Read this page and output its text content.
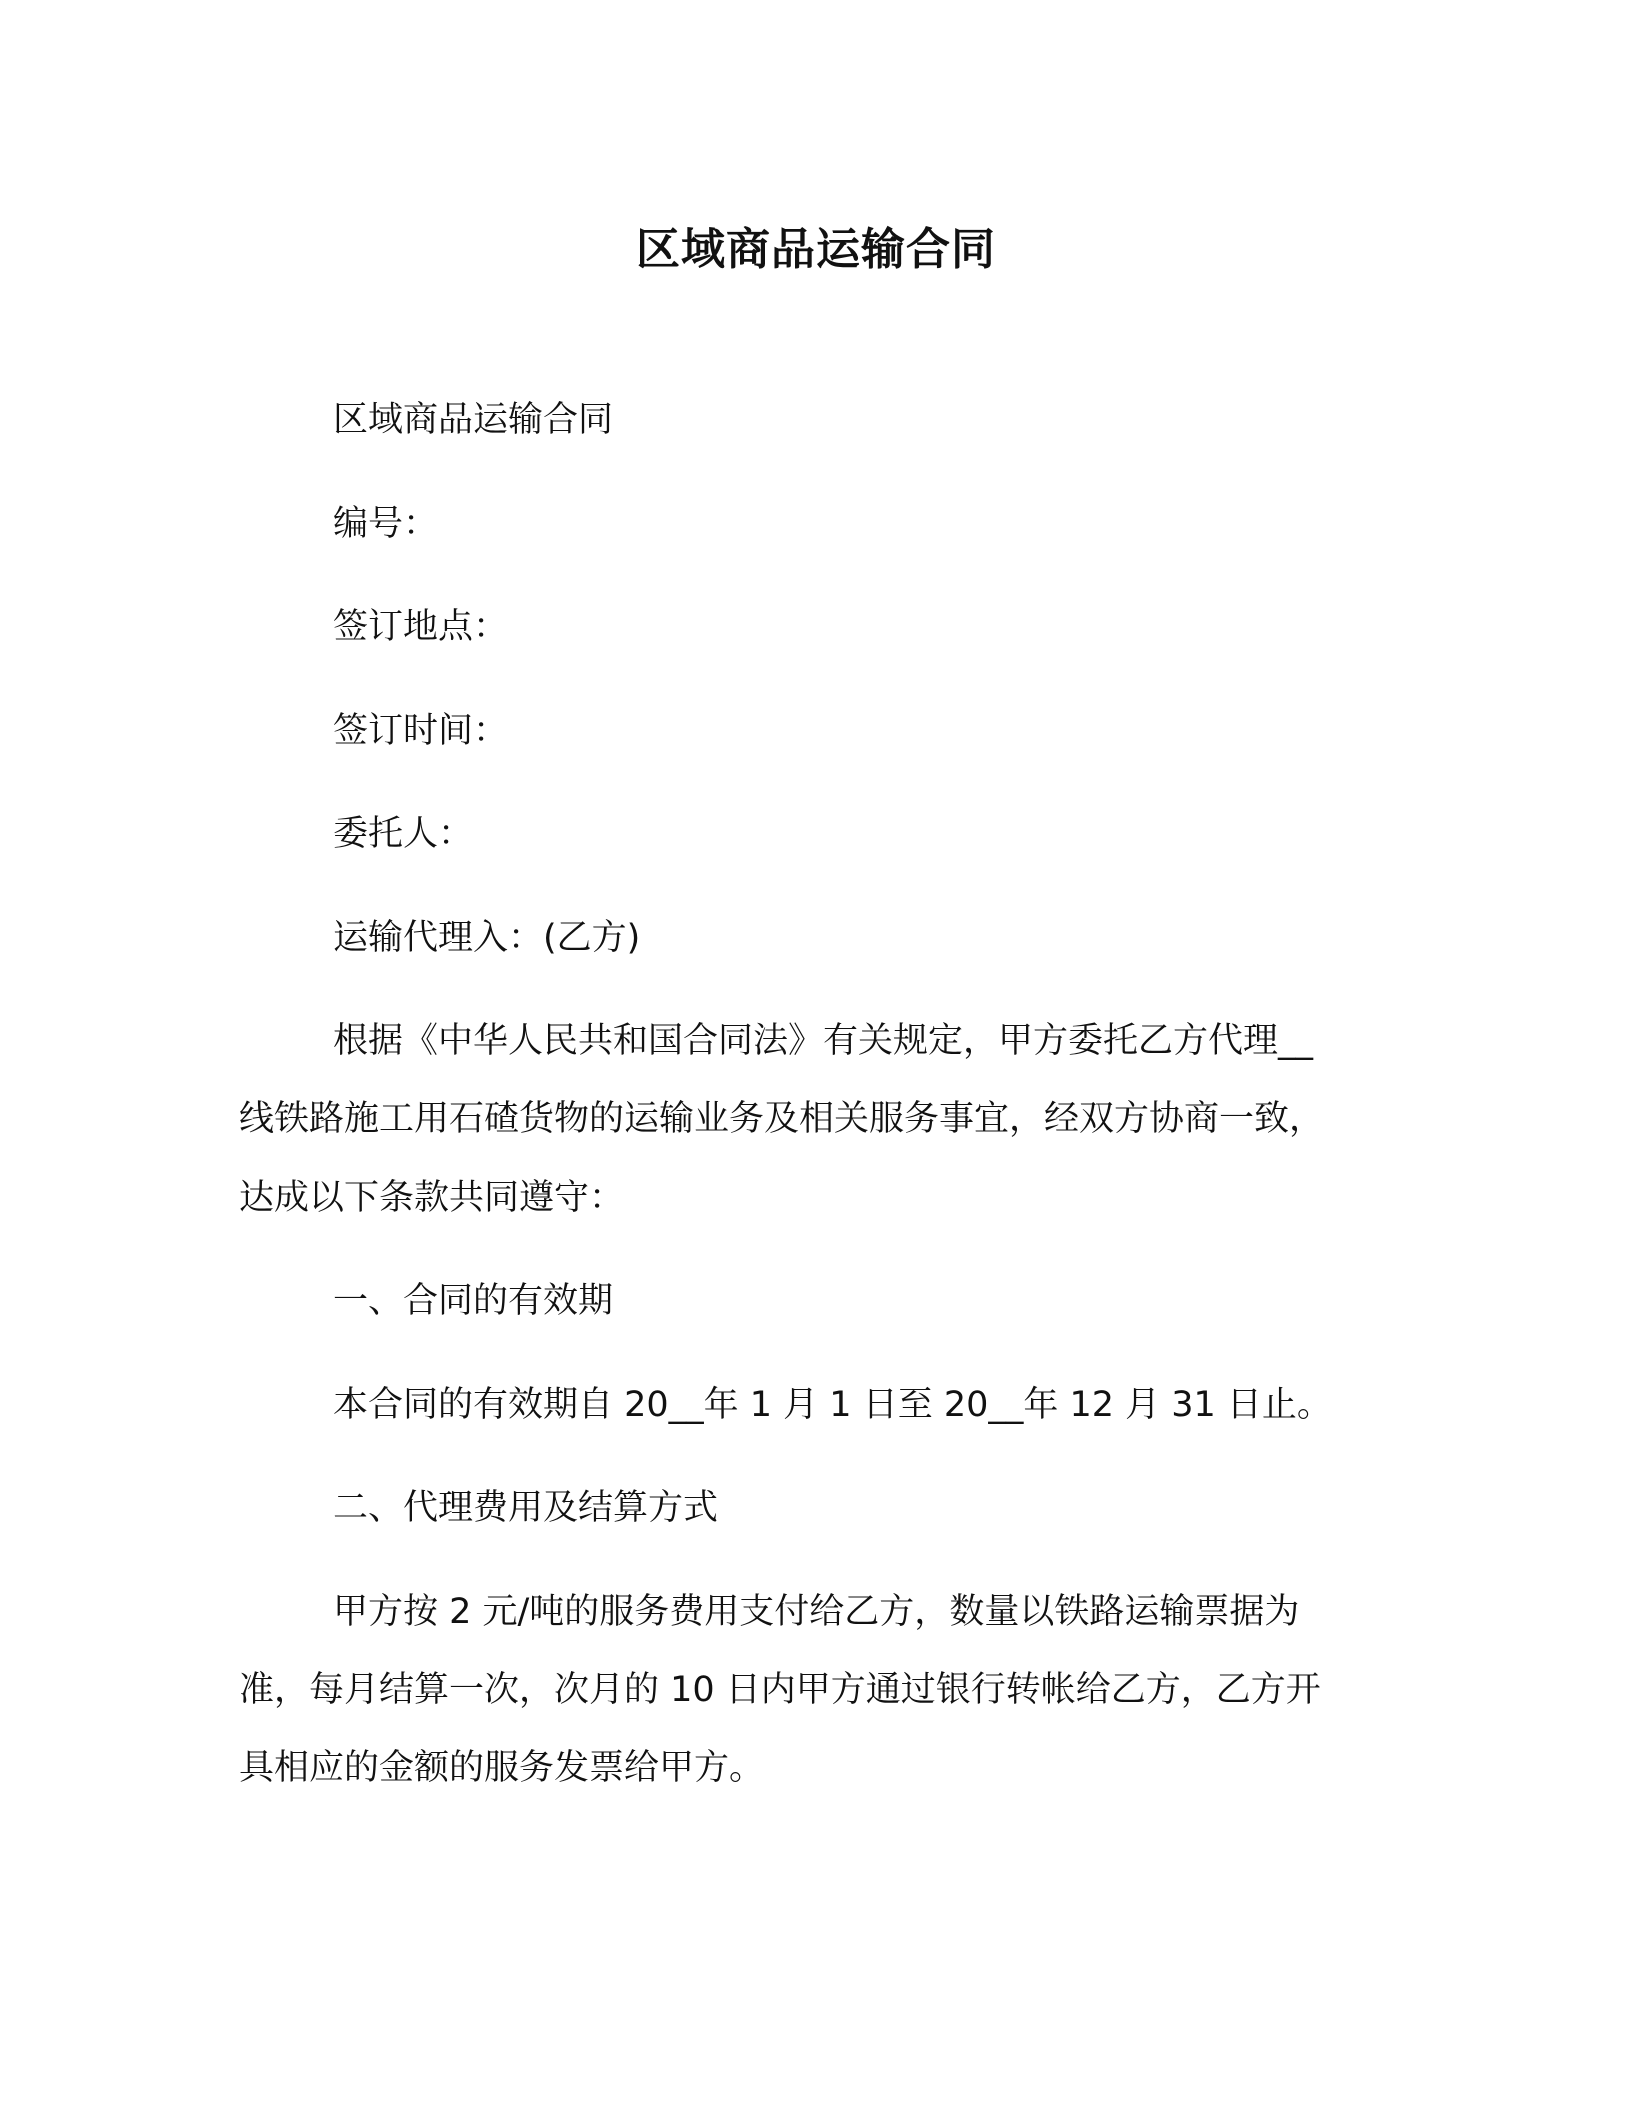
区域商品运输合同
区域商品运输合同
编号：
签订地点：
签订时间：
委托人：
运输代理入：(乙方)
根据《中华人民共和国合同法》有关规定，甲方委托乙方代理__
线铁路施工用石碴货物的运输业务及相关服务事宜，经双方协商一致，
达成以下条款共同遵守：
一、合同的有效期
本合同的有效期自 20__年 1 月 1 日至 20__年 12 月 31 日止。
二、代理费用及结算方式
甲方按 2 元/吨的服务费用支付给乙方，数量以铁路运输票据为
准，每月结算一次，次月的 10 日内甲方通过银行转帐给乙方，乙方开
具相应的金额的服务发票给甲方。
